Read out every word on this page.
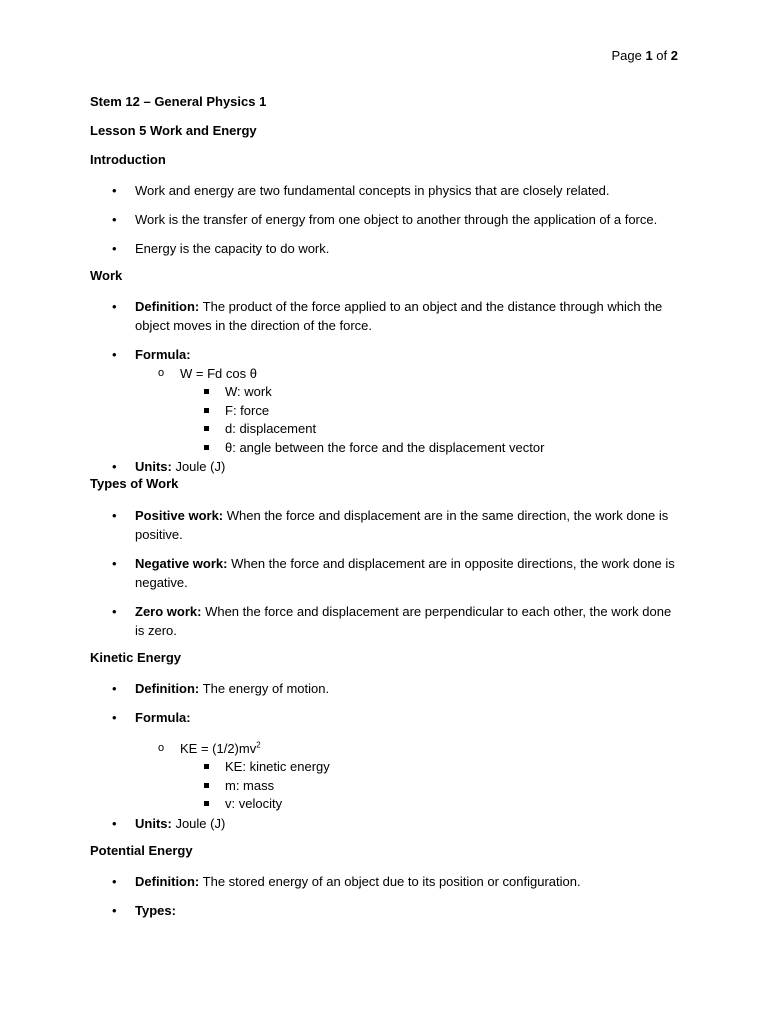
Page 1 of 2
Stem 12 – General Physics 1
Lesson 5 Work and Energy
Introduction
• Work and energy are two fundamental concepts in physics that are closely related.
• Work is the transfer of energy from one object to another through the application of a force.
• Energy is the capacity to do work.
Work
• Definition: The product of the force applied to an object and the distance through which the object moves in the direction of the force.
• Formula:
o W = Fd cos θ
W: work
F: force
d: displacement
θ: angle between the force and the displacement vector
• Units: Joule (J)
Types of Work
• Positive work: When the force and displacement are in the same direction, the work done is positive.
• Negative work: When the force and displacement are in opposite directions, the work done is negative.
• Zero work: When the force and displacement are perpendicular to each other, the work done is zero.
Kinetic Energy
• Definition: The energy of motion.
• Formula:
o KE = $(1/2)mv^2$
KE: kinetic energy
m: mass
v: velocity
• Units: Joule (J)
Potential Energy
• Definition: The stored energy of an object due to its position or configuration.
• Types:
